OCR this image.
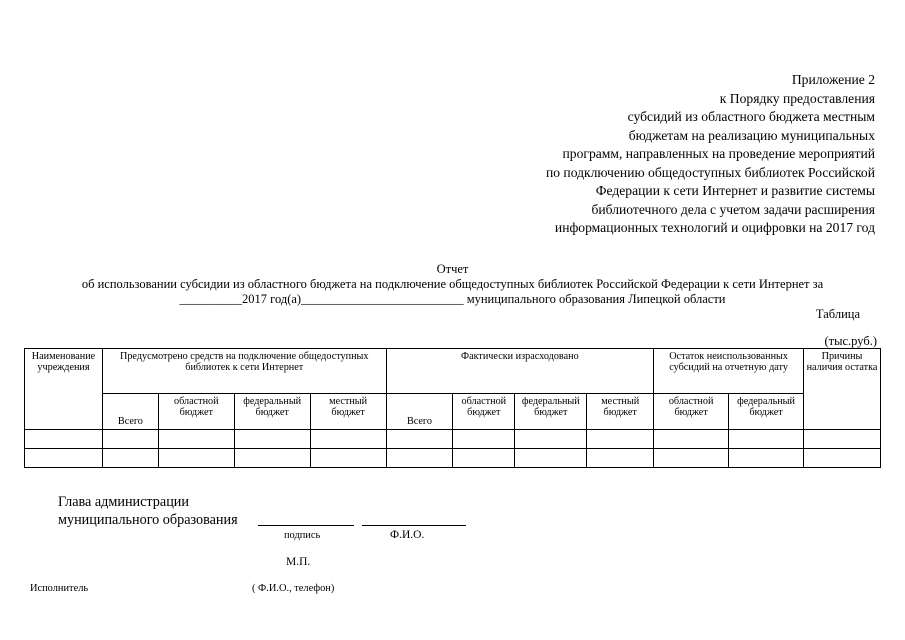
Приложение 2
к Порядку предоставления
субсидий из областного бюджета местным
бюджетам на реализацию муниципальных
программ, направленных на проведение мероприятий
по подключению общедоступных библиотек Российской
Федерации к сети Интернет и развитие системы
библиотечного дела с учетом задачи расширения
информационных технологий и оцифровки на 2017 год
Отчет
об использовании субсидии из областного бюджета на подключение общедоступных библиотек Российской Федерации к сети Интернет за
__________2017 год(а)__________________________ муниципального образования Липецкой области
Таблица
(тыс.руб.)
Наименование учреждения	Предусмотрено средств на подключение общедоступных библиотек к сети Интернет				Фактически израсходовано				Остаток неиспользованных субсидий на отчетную дату		Причины наличия остатка
	Всего	областной бюджет	федеральный бюджет	местный бюджет	Всего	областной бюджет	федеральный бюджет	местный бюджет	областной бюджет	федеральный бюджет	

Глава администрации
муниципального образования
подпись	Ф.И.О.
М.П.
Исполнитель	( Ф.И.О., телефон)
